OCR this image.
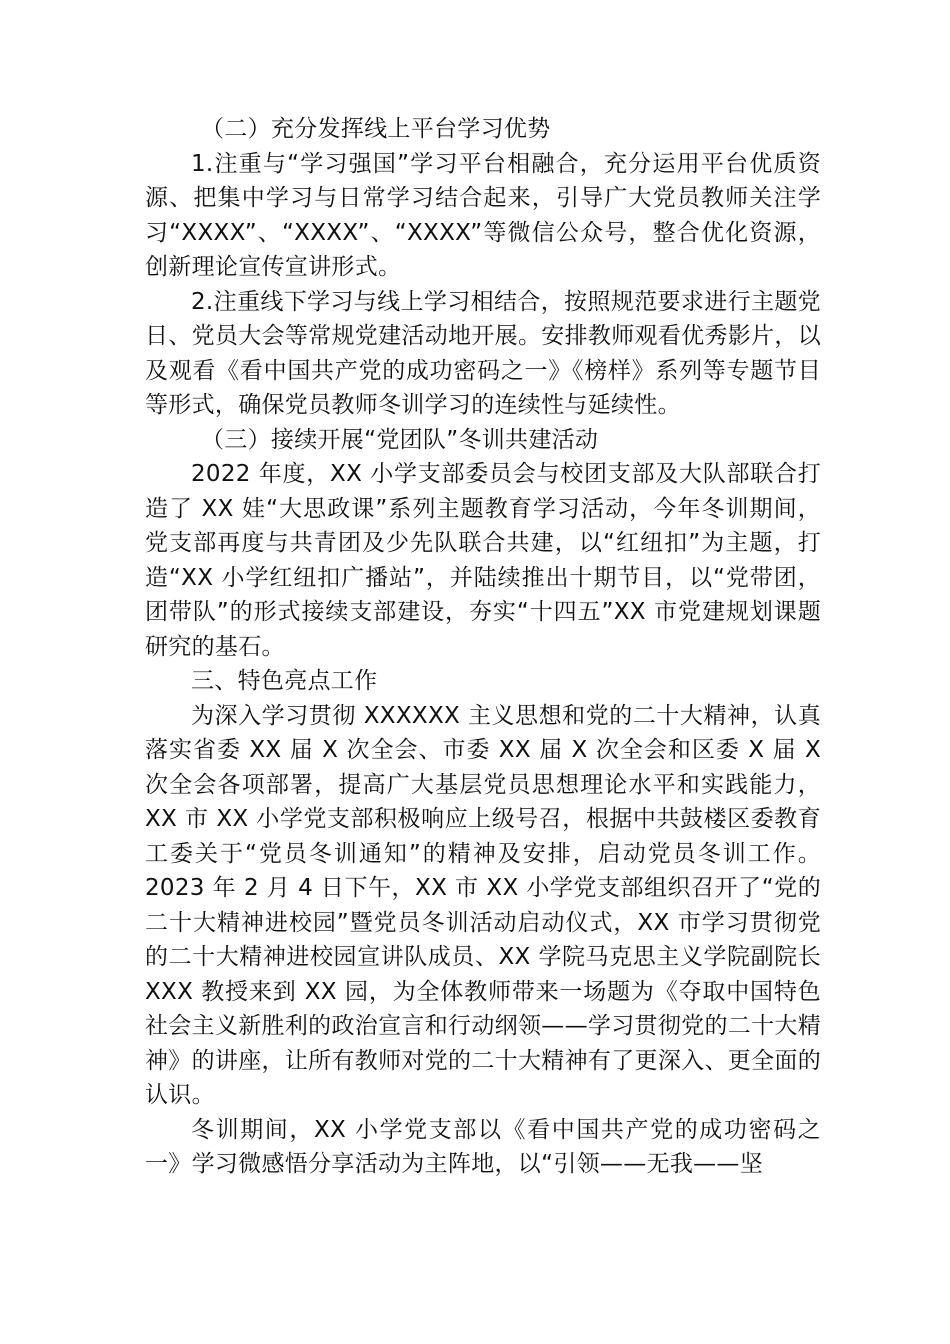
（二）充分发挥线上平台学习优势

1.注重与“学习强国”学习平台相融合，充分运用平台优质资源、把集中学习与日常学习结合起来，引导广大党员教师关注学习“XXXX”、“XXXX”、“XXXX”等微信公众号，整合优化资源，创新理论宣传宣讲形式。

2.注重线下学习与线上学习相结合，按照规范要求进行主题党日、党员大会等常规党建活动地开展。安排教师观看优秀影片，以及观看《看中国共产党的成功密码之一》《榜样》系列等专题节目等形式，确保党员教师冬训学习的连续性与延续性。

（三）接续开展“党团队”冬训共建活动

2022 年度，XX 小学支部委员会与校团支部及大队部联合打造了 XX 娃“大思政课”系列主题教育学习活动，今年冬训期间，党支部再度与共青团及少先队联合共建，以“红纽扣”为主题，打造“XX 小学红纽扣广播站”，并陆续推出十期节目，以“党带团，团带队”的形式接续支部建设，夯实“十四五”XX 市党建规划课题研究的基石。

三、特色亮点工作

为深入学习贯彻 XXXXXX 主义思想和党的二十大精神，认真落实省委 XX 届 X 次全会、市委 XX 届 X 次全会和区委 X 届 X 次全会各项部署，提高广大基层党员思想理论水平和实践能力，XX 市 XX 小学党支部积极响应上级号召，根据中共鼓楼区委教育工委关于“党员冬训通知”的精神及安排，启动党员冬训工作。2023 年 2 月 4 日下午，XX 市 XX 小学党支部组织召开了“党的二十大精神进校园”暨党员冬训活动启动仪式，XX 市学习贯彻党的二十大精神进校园宣讲队成员、XX 学院马克思主义学院副院长 XXX 教授来到 XX 园，为全体教师带来一场题为《夺取中国特色社会主义新胜利的政治宣言和行动纲领——学习贯彻党的二十大精神》的讲座，让所有教师对党的二十大精神有了更深入、更全面的认识。

冬训期间，XX 小学党支部以《看中国共产党的成功密码之一》学习微感悟分享活动为主阵地，以“引领——无我——坚
